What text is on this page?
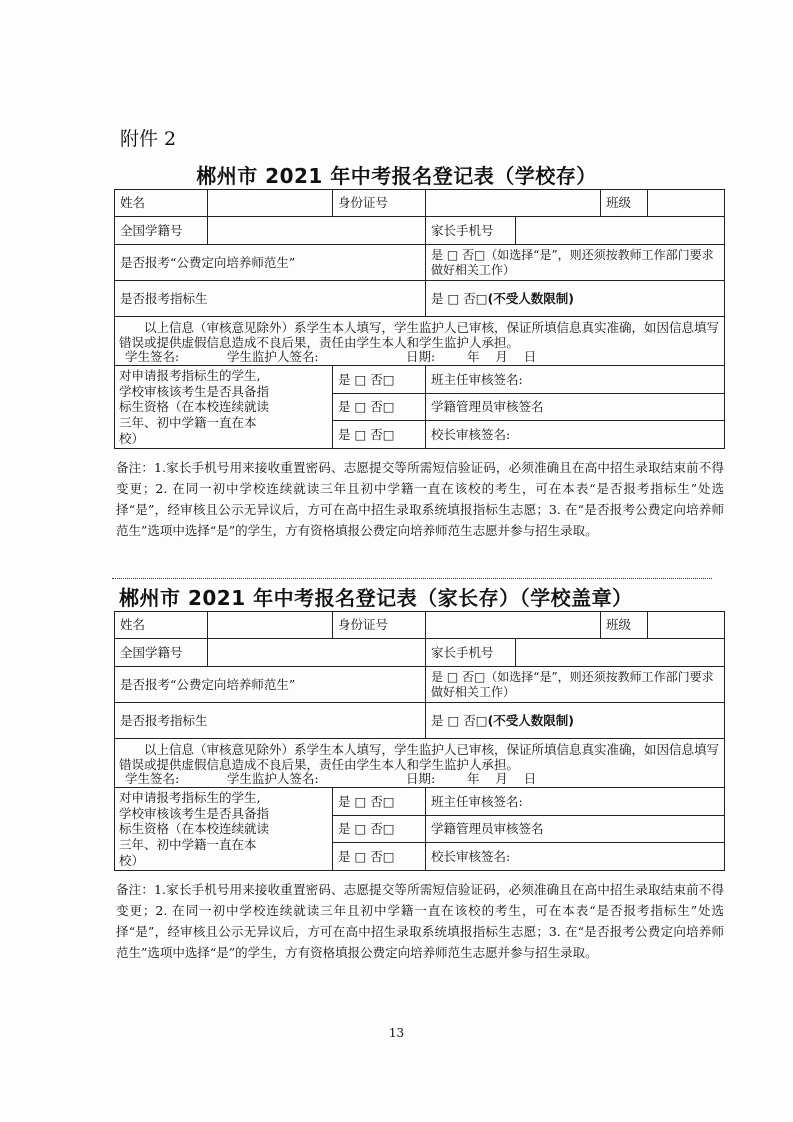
附件 2
郴州市 2021 年中考报名登记表（学校存）
姓名		身份证号			班级	
全国学籍号			家长手机号			
是否报考“公费定向培养师范生”			是 □ 否□（如选择“是”，则还须按教师工作部门要求做好相关工作）			
是否报考指标生			是 □ 否□(不受人数限制)			

以上信息（审核意见除外）系学生本人填写，学生监护人已审核，保证所填信息真实准确，如因信息填写错误或提供虚假信息造成不良后果，责任由学生本人和学生监护人承担。
学生签名:            学生监护人签名:                      日期:        年    月    日						

对申请报考指标生的学生,学校审核该考生是否具备指标生资格（在本校连续就读三年、初中学籍一直在本校）		是 □ 否□	班主任审核签名:			
		是 □ 否□	学籍管理员审核签名			
		是 □ 否□	校长审核签名:			
备注：1.家长手机号用来接收重置密码、志愿提交等所需短信验证码，必须准确且在高中招生录取结束前不得变更；2. 在同一初中学校连续就读三年且初中学籍一直在该校的考生，可在本表“是否报考指标生”处选择“是”，经审核且公示无异议后，方可在高中招生录取系统填报指标生志愿；3. 在“是否报考公费定向培养师范生”选项中选择“是”的学生，方有资格填报公费定向培养师范生志愿并参与招生录取。
郴州市 2021 年中考报名登记表（家长存）（学校盖章）
姓名		身份证号			班级	
全国学籍号			家长手机号			
是否报考“公费定向培养师范生”			是 □ 否□（如选择“是”，则还须按教师工作部门要求做好相关工作）			
是否报考指标生			是 □ 否□(不受人数限制)			

以上信息（审核意见除外）系学生本人填写，学生监护人已审核，保证所填信息真实准确，如因信息填写错误或提供虚假信息造成不良后果，责任由学生本人和学生监护人承担。
学生签名:            学生监护人签名:                      日期:        年    月    日						

对申请报考指标生的学生,学校审核该考生是否具备指标生资格（在本校连续就读三年、初中学籍一直在本校）		是 □ 否□	班主任审核签名:			
		是 □ 否□	学籍管理员审核签名			
		是 □ 否□	校长审核签名:			
备注：1.家长手机号用来接收重置密码、志愿提交等所需短信验证码，必须准确且在高中招生录取结束前不得变更；2. 在同一初中学校连续就读三年且初中学籍一直在该校的考生，可在本表“是否报考指标生”处选择“是”，经审核且公示无异议后，方可在高中招生录取系统填报指标生志愿；3. 在“是否报考公费定向培养师范生”选项中选择“是”的学生，方有资格填报公费定向培养师范生志愿并参与招生录取。
13
